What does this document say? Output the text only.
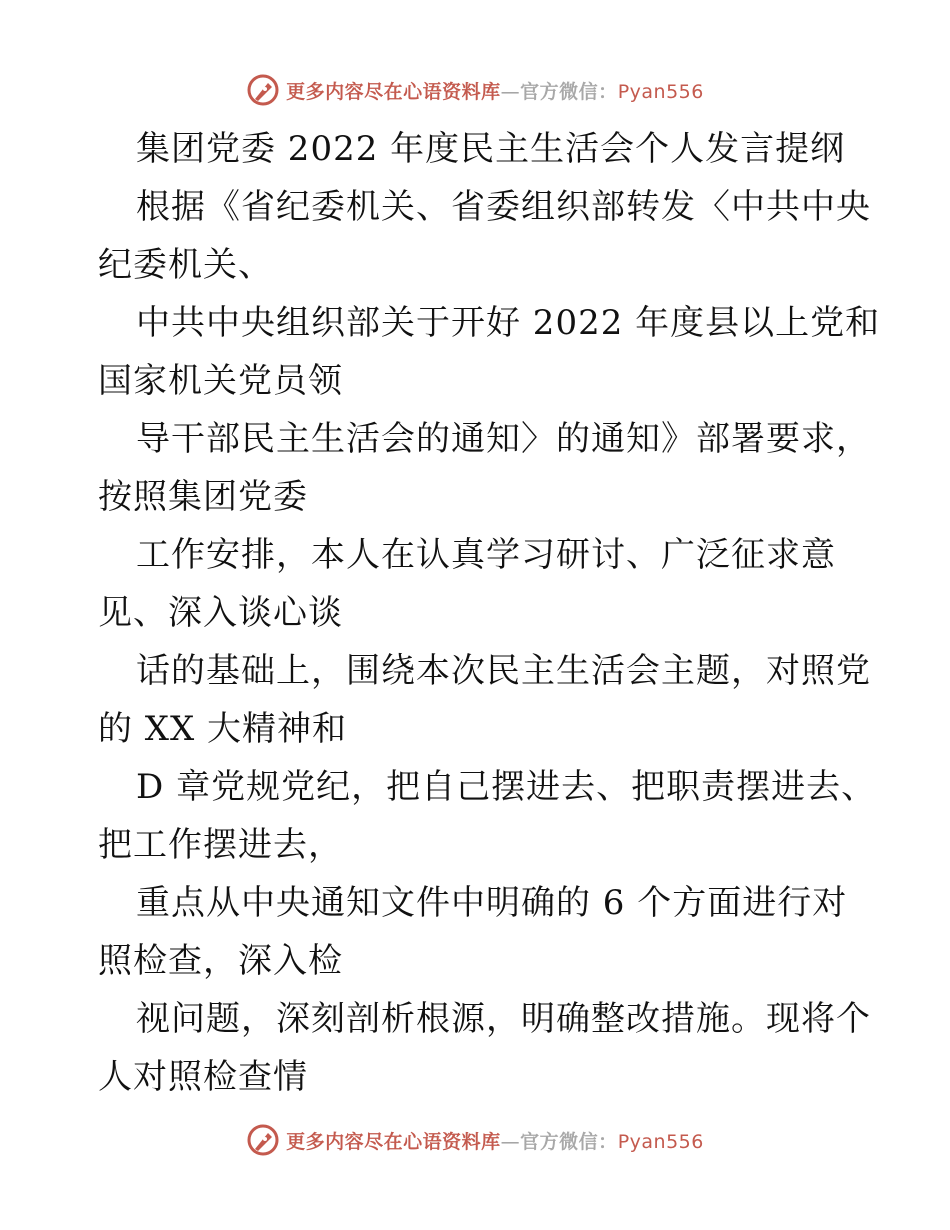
更多内容尽在心语资料库—官方微信：Pyan556
集团党委 2022 年度民主生活会个人发言提纲
根据《省纪委机关、省委组织部转发〈中共中央
纪委机关、
中共中央组织部关于开好 2022 年度县以上党和
国家机关党员领
导干部民主生活会的通知〉的通知》部署要求，
按照集团党委
工作安排，本人在认真学习研讨、广泛征求意
见、深入谈心谈
话的基础上，围绕本次民主生活会主题，对照党
的 XX 大精神和
D 章党规党纪，把自己摆进去、把职责摆进去、
把工作摆进去，
重点从中央通知文件中明确的 6 个方面进行对
照检查，深入检
视问题，深刻剖析根源，明确整改措施。现将个
人对照检查情
更多内容尽在心语资料库—官方微信：Pyan556
